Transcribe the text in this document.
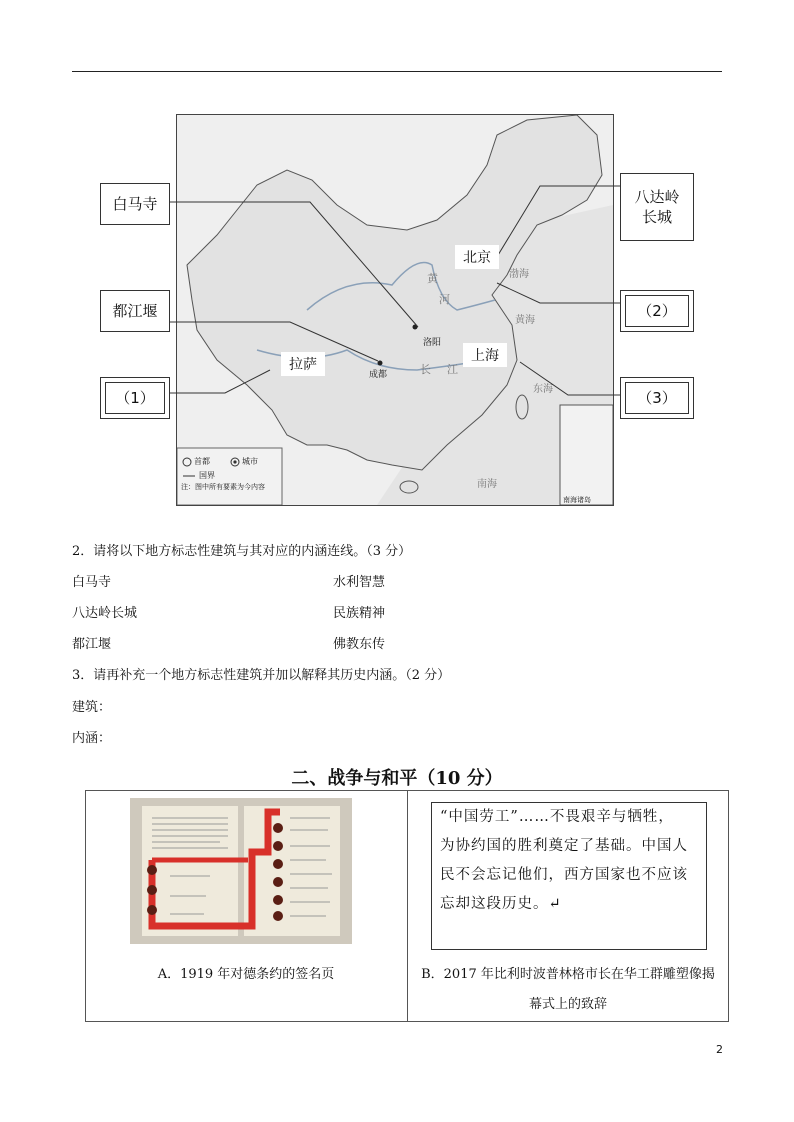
首都	城市
国界
注：图中所有要素为今内容
南海诸岛
洛阳
成都	长 江
黄
河
渤海
黄海
东海
南海
北京
上海
拉萨
白马寺
都江堰
（1）
八达岭
长城
（2）
（3）
2．请将以下地方标志性建筑与其对应的内涵连线。（3 分）
白马寺	水利智慧
八达岭长城	民族精神
都江堰	佛教东传
3．请再补充一个地方标志性建筑并加以解释其历史内涵。（2 分）
建筑：
内涵：
二、战争与和平（10 分）

“中国劳工”……不畏艰辛与牺牲，
为协约国的胜利奠定了基础。中国人
民不会忘记他们，西方国家也不应该
忘却这段历史。↵
A．1919 年对德条约的签名页	B．2017 年比利时波普林格市长在华工群雕塑像揭
幕式上的致辞
2
